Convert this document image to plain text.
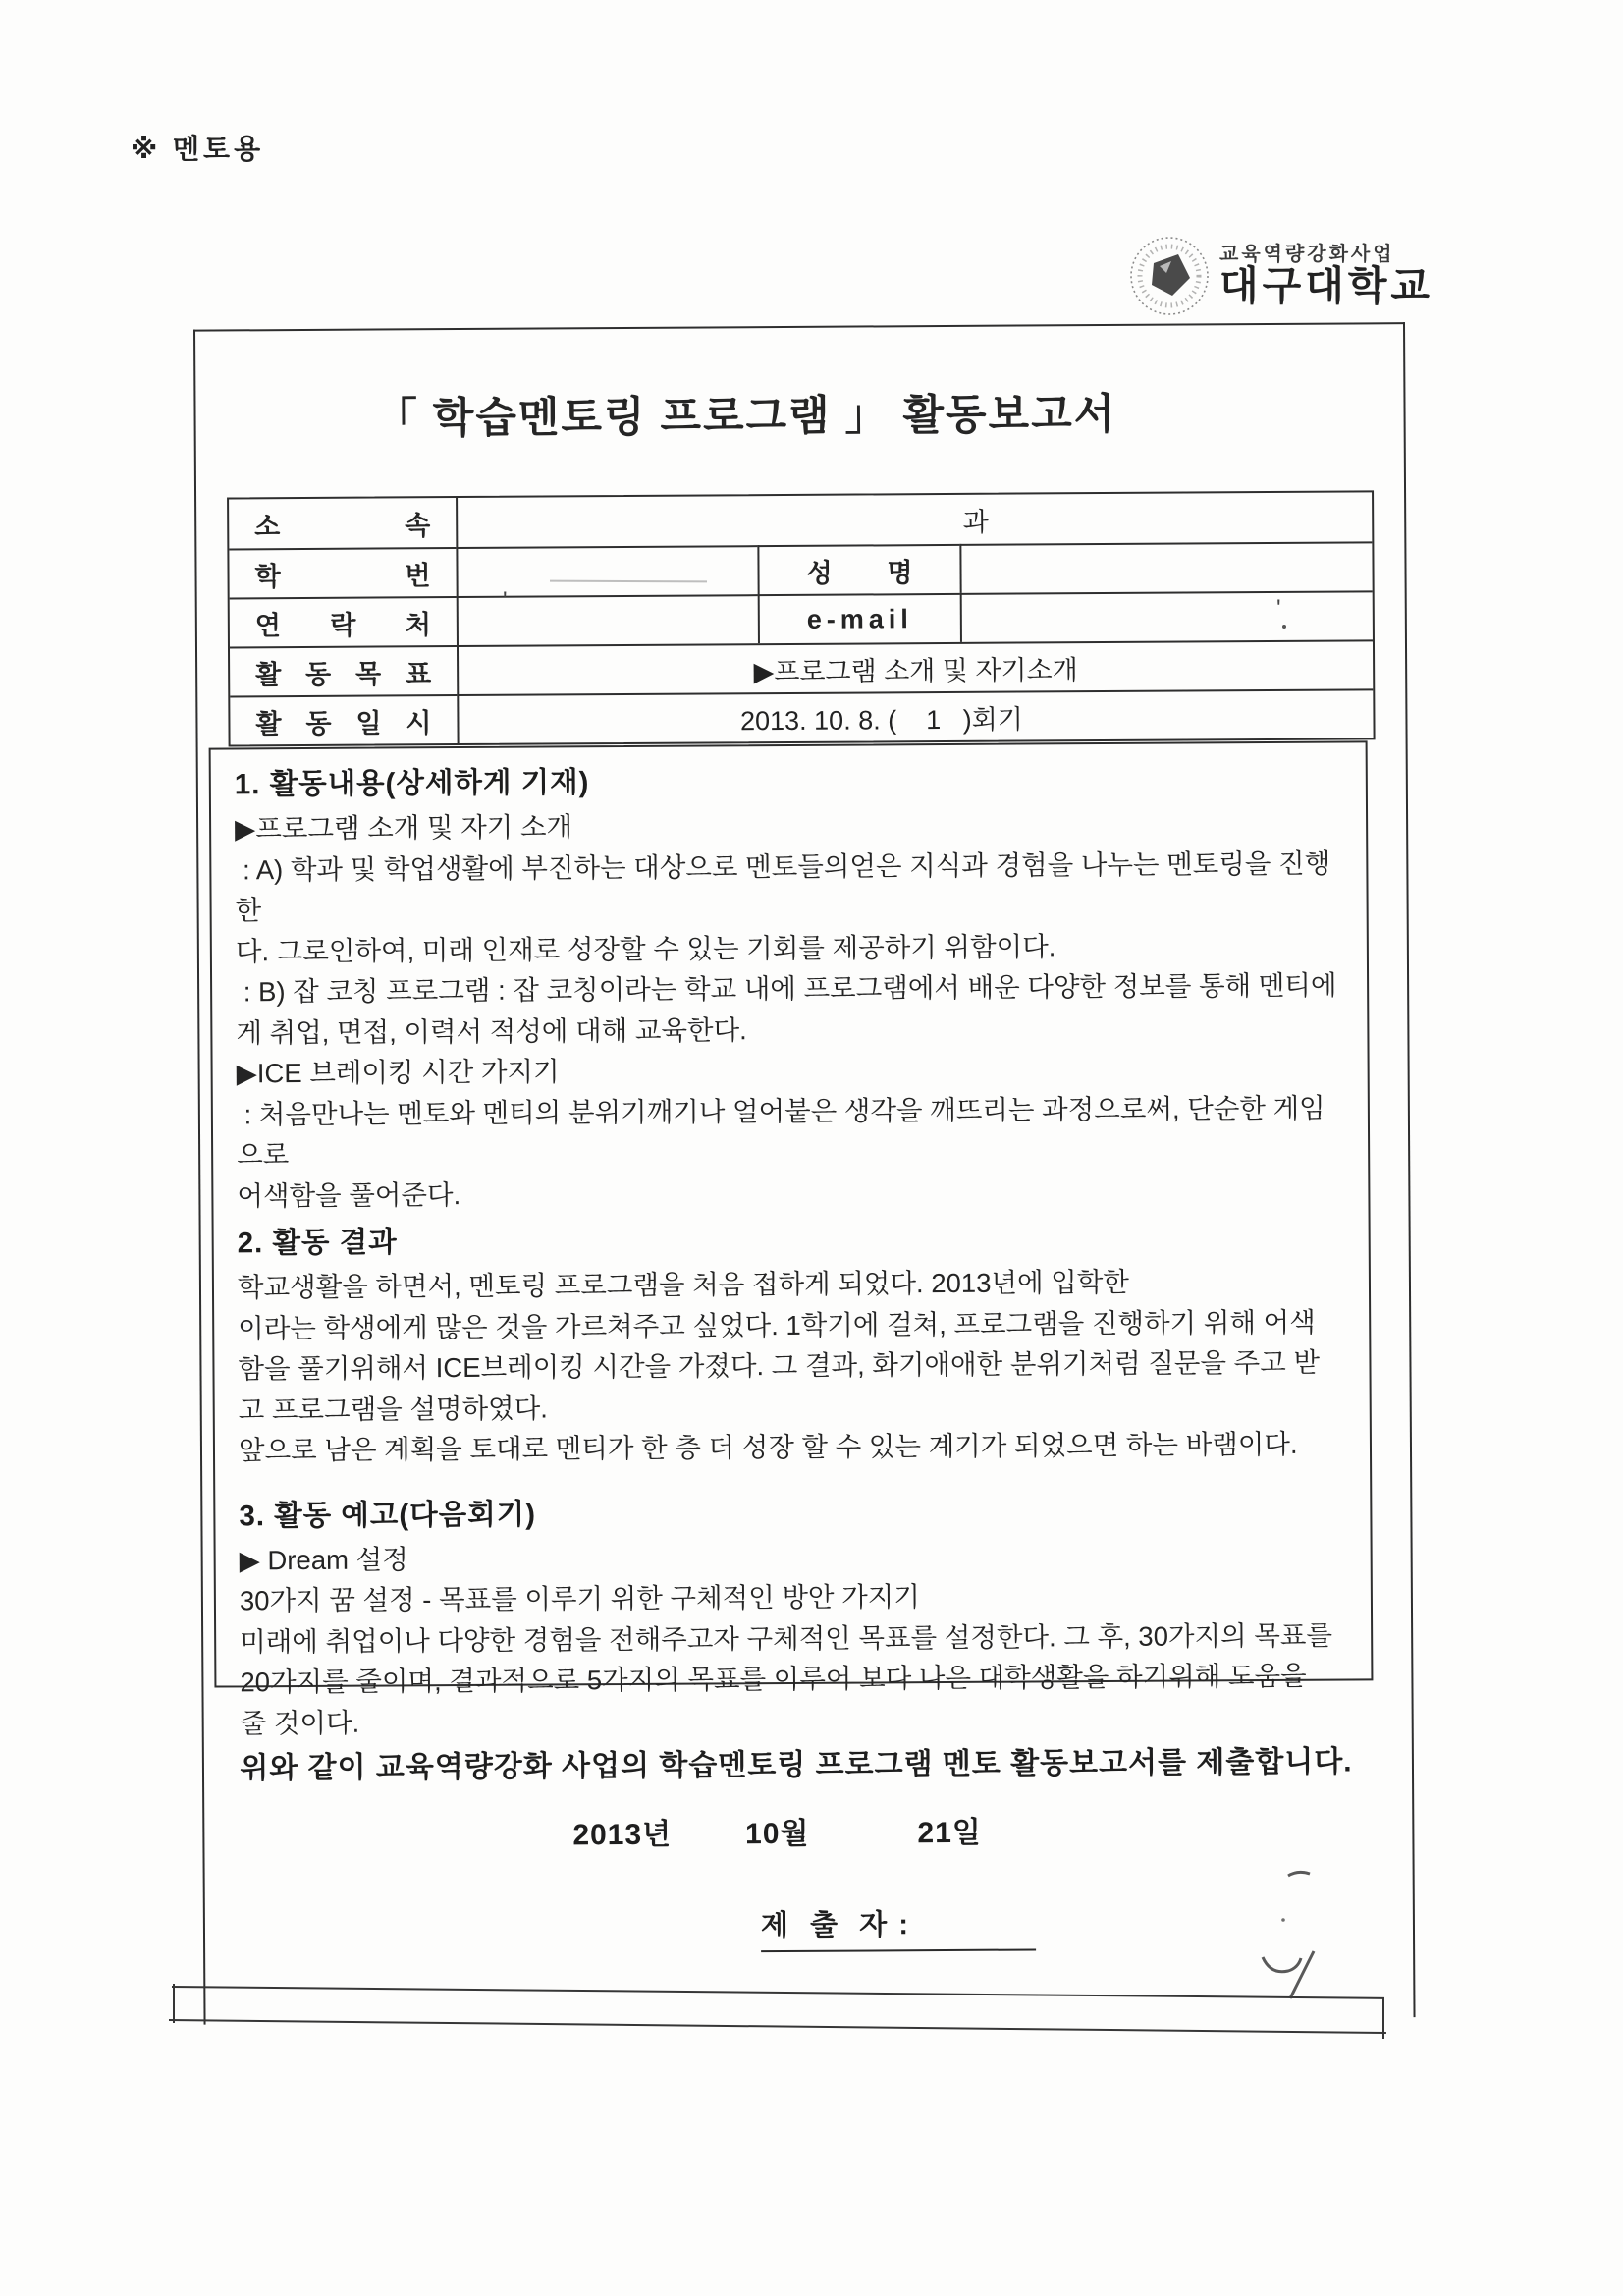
※ 멘토용
교육역량강화사업
대구대학교
「 학습멘토링 프로그램 」 활동보고서
소 속	과
학 번	성 명
연 락 처	e-mail
활 동 목 표	▶프로그램 소개 및 자기소개
활 동 일 시	2013. 10. 8. (    1   )회기
1. 활동내용(상세하게 기재)
▶프로그램 소개 및 자기 소개
: A) 학과 및 학업생활에 부진하는 대상으로 멘토들의얻은 지식과 경험을 나누는 멘토링을 진행한
다. 그로인하여, 미래 인재로 성장할 수 있는 기회를 제공하기 위함이다.
: B) 잡 코칭 프로그램 : 잡 코칭이라는 학교 내에 프로그램에서 배운 다양한 정보를 통해 멘티에
게 취업, 면접, 이력서 적성에 대해 교육한다.
▶ICE 브레이킹 시간 가지기
: 처음만나는 멘토와 멘티의 분위기깨기나 얼어붙은 생각을 깨뜨리는 과정으로써, 단순한 게임으로
어색함을 풀어준다.
2. 활동 결과
학교생활을 하면서, 멘토링 프로그램을 처음 접하게 되었다. 2013년에 입학한
이라는 학생에게 많은 것을 가르쳐주고 싶었다. 1학기에 걸쳐, 프로그램을 진행하기 위해 어색
함을 풀기위해서 ICE브레이킹 시간을 가졌다. 그 결과, 화기애애한 분위기처럼 질문을 주고 받
고 프로그램을 설명하였다.
앞으로 남은 계획을 토대로 멘티가 한 층 더 성장 할 수 있는 계기가 되었으면 하는 바램이다.
3. 활동 예고(다음회기)
▶ Dream 설정
30가지 꿈 설정 - 목표를 이루기 위한 구체적인 방안 가지기
미래에 취업이나 다양한 경험을 전해주고자 구체적인 목표를 설정한다. 그 후, 30가지의 목표를
20가지를 줄이며, 결과적으로 5가지의 목표를 이루어 보다 나은 대학생활을 하기위해 도움을
줄 것이다.
위와 같이 교육역량강화 사업의 학습멘토링 프로그램 멘토 활동보고서를 제출합니다.
2013년 10월	21일
제  출  자 :
'	'
